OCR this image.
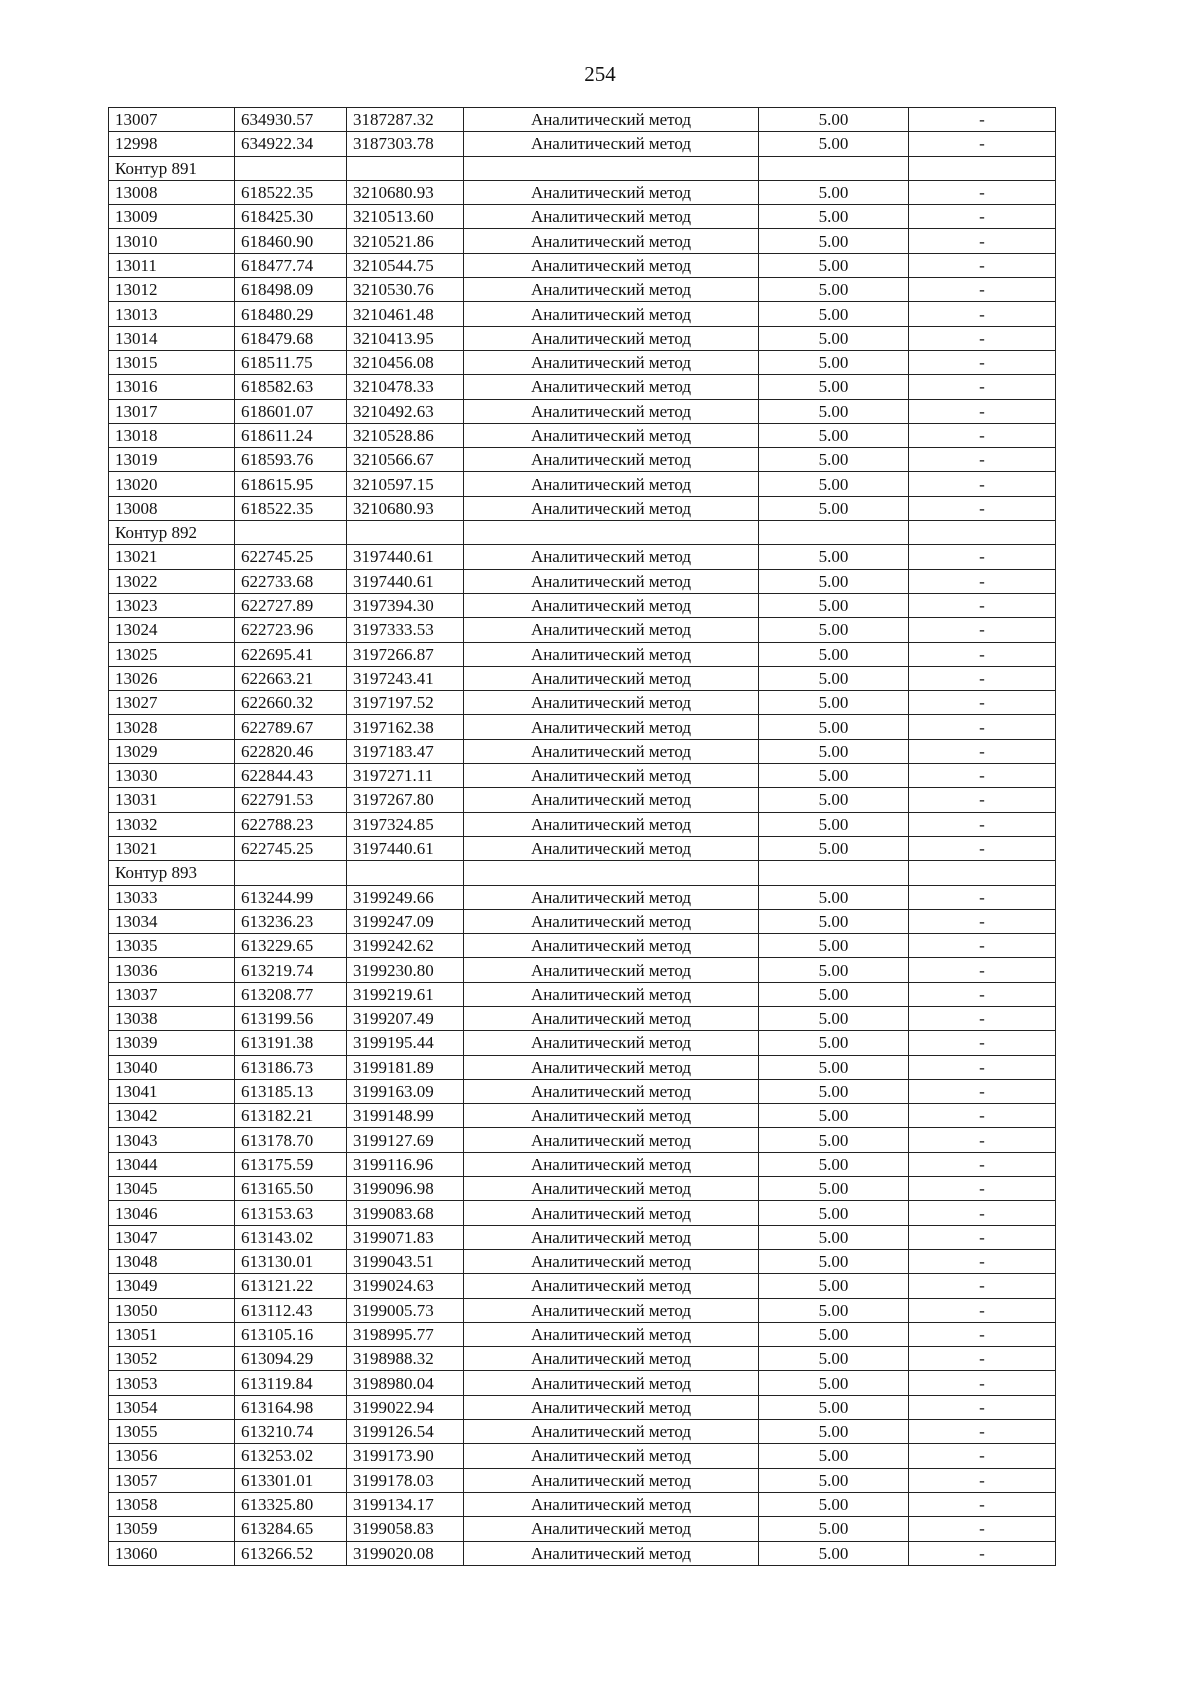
254
13007	634930.57	3187287.32	Аналитический метод	5.00	-
12998	634922.34	3187303.78	Аналитический метод	5.00	-
Контур 891					
13008	618522.35	3210680.93	Аналитический метод	5.00	-
13009	618425.30	3210513.60	Аналитический метод	5.00	-
13010	618460.90	3210521.86	Аналитический метод	5.00	-
13011	618477.74	3210544.75	Аналитический метод	5.00	-
13012	618498.09	3210530.76	Аналитический метод	5.00	-
13013	618480.29	3210461.48	Аналитический метод	5.00	-
13014	618479.68	3210413.95	Аналитический метод	5.00	-
13015	618511.75	3210456.08	Аналитический метод	5.00	-
13016	618582.63	3210478.33	Аналитический метод	5.00	-
13017	618601.07	3210492.63	Аналитический метод	5.00	-
13018	618611.24	3210528.86	Аналитический метод	5.00	-
13019	618593.76	3210566.67	Аналитический метод	5.00	-
13020	618615.95	3210597.15	Аналитический метод	5.00	-
13008	618522.35	3210680.93	Аналитический метод	5.00	-
Контур 892					
13021	622745.25	3197440.61	Аналитический метод	5.00	-
13022	622733.68	3197440.61	Аналитический метод	5.00	-
13023	622727.89	3197394.30	Аналитический метод	5.00	-
13024	622723.96	3197333.53	Аналитический метод	5.00	-
13025	622695.41	3197266.87	Аналитический метод	5.00	-
13026	622663.21	3197243.41	Аналитический метод	5.00	-
13027	622660.32	3197197.52	Аналитический метод	5.00	-
13028	622789.67	3197162.38	Аналитический метод	5.00	-
13029	622820.46	3197183.47	Аналитический метод	5.00	-
13030	622844.43	3197271.11	Аналитический метод	5.00	-
13031	622791.53	3197267.80	Аналитический метод	5.00	-
13032	622788.23	3197324.85	Аналитический метод	5.00	-
13021	622745.25	3197440.61	Аналитический метод	5.00	-
Контур 893					
13033	613244.99	3199249.66	Аналитический метод	5.00	-
13034	613236.23	3199247.09	Аналитический метод	5.00	-
13035	613229.65	3199242.62	Аналитический метод	5.00	-
13036	613219.74	3199230.80	Аналитический метод	5.00	-
13037	613208.77	3199219.61	Аналитический метод	5.00	-
13038	613199.56	3199207.49	Аналитический метод	5.00	-
13039	613191.38	3199195.44	Аналитический метод	5.00	-
13040	613186.73	3199181.89	Аналитический метод	5.00	-
13041	613185.13	3199163.09	Аналитический метод	5.00	-
13042	613182.21	3199148.99	Аналитический метод	5.00	-
13043	613178.70	3199127.69	Аналитический метод	5.00	-
13044	613175.59	3199116.96	Аналитический метод	5.00	-
13045	613165.50	3199096.98	Аналитический метод	5.00	-
13046	613153.63	3199083.68	Аналитический метод	5.00	-
13047	613143.02	3199071.83	Аналитический метод	5.00	-
13048	613130.01	3199043.51	Аналитический метод	5.00	-
13049	613121.22	3199024.63	Аналитический метод	5.00	-
13050	613112.43	3199005.73	Аналитический метод	5.00	-
13051	613105.16	3198995.77	Аналитический метод	5.00	-
13052	613094.29	3198988.32	Аналитический метод	5.00	-
13053	613119.84	3198980.04	Аналитический метод	5.00	-
13054	613164.98	3199022.94	Аналитический метод	5.00	-
13055	613210.74	3199126.54	Аналитический метод	5.00	-
13056	613253.02	3199173.90	Аналитический метод	5.00	-
13057	613301.01	3199178.03	Аналитический метод	5.00	-
13058	613325.80	3199134.17	Аналитический метод	5.00	-
13059	613284.65	3199058.83	Аналитический метод	5.00	-
13060	613266.52	3199020.08	Аналитический метод	5.00	-
